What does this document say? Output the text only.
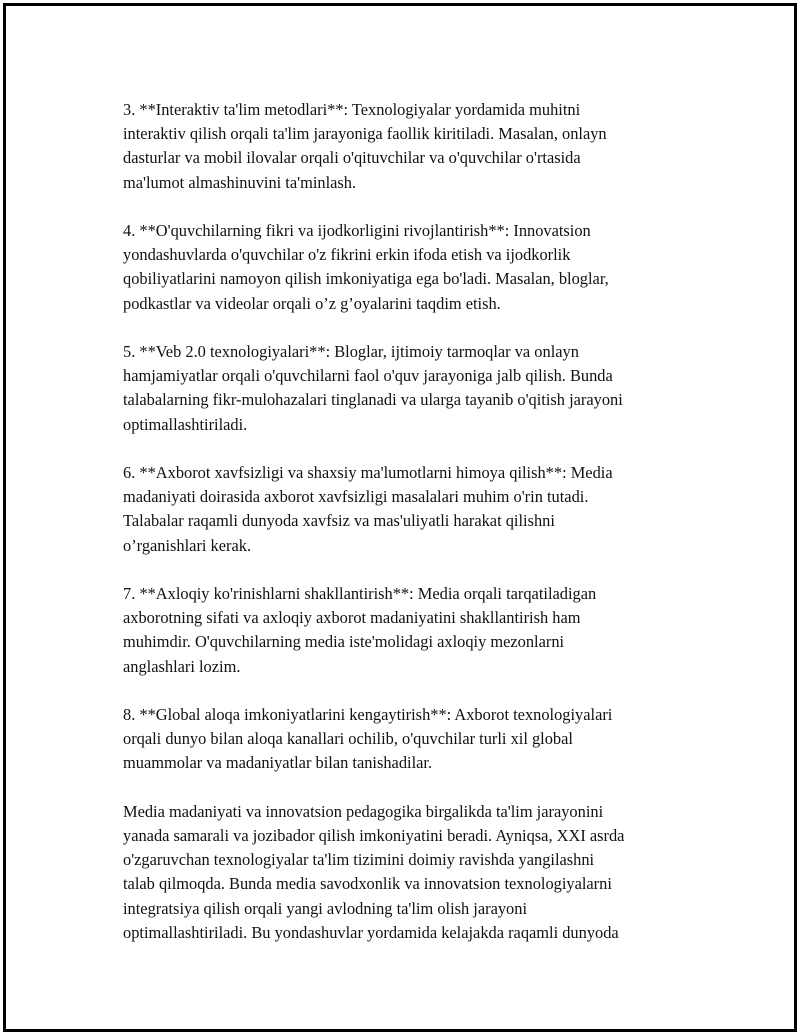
3. **Interaktiv ta'lim metodlari**: Texnologiyalar yordamida muhitni
interaktiv qilish orqali ta'lim jarayoniga faollik kiritiladi. Masalan, onlayn
dasturlar va mobil ilovalar orqali o'qituvchilar va o'quvchilar o'rtasida
ma'lumot almashinuvini ta'minlash.

4. **O'quvchilarning fikri va ijodkorligini rivojlantirish**: Innovatsion
yondashuvlarda o'quvchilar o'z fikrini erkin ifoda etish va ijodkorlik
qobiliyatlarini namoyon qilish imkoniyatiga ega bo'ladi. Masalan, bloglar,
podkastlar va videolar orqali o’z g’oyalarini taqdim etish.

5. **Veb 2.0 texnologiyalari**: Bloglar, ijtimoiy tarmoqlar va onlayn
hamjamiyatlar orqali o'quvchilarni faol o'quv jarayoniga jalb qilish. Bunda
talabalarning fikr-mulohazalari tinglanadi va ularga tayanib o'qitish jarayoni
optimallashtiriladi.

6. **Axborot xavfsizligi va shaxsiy ma'lumotlarni himoya qilish**: Media
madaniyati doirasida axborot xavfsizligi masalalari muhim o'rin tutadi.
Talabalar raqamli dunyoda xavfsiz va mas'uliyatli harakat qilishni
o’rganishlari kerak.

7. **Axloqiy ko'rinishlarni shakllantirish**: Media orqali tarqatiladigan
axborotning sifati va axloqiy axborot madaniyatini shakllantirish ham
muhimdir. O'quvchilarning media iste'molidagi axloqiy mezonlarni
anglashlari lozim.

8. **Global aloqa imkoniyatlarini kengaytirish**: Axborot texnologiyalari
orqali dunyo bilan aloqa kanallari ochilib, o'quvchilar turli xil global
muammolar va madaniyatlar bilan tanishadilar.

Media madaniyati va innovatsion pedagogika birgalikda ta'lim jarayonini
yanada samarali va jozibador qilish imkoniyatini beradi. Ayniqsa, XXI asrda
o'zgaruvchan texnologiyalar ta'lim tizimini doimiy ravishda yangilashni
talab qilmoqda. Bunda media savodxonlik va innovatsion texnologiyalarni
integratsiya qilish orqali yangi avlodning ta'lim olish jarayoni
optimallashtiriladi. Bu yondashuvlar yordamida kelajakda raqamli dunyoda
